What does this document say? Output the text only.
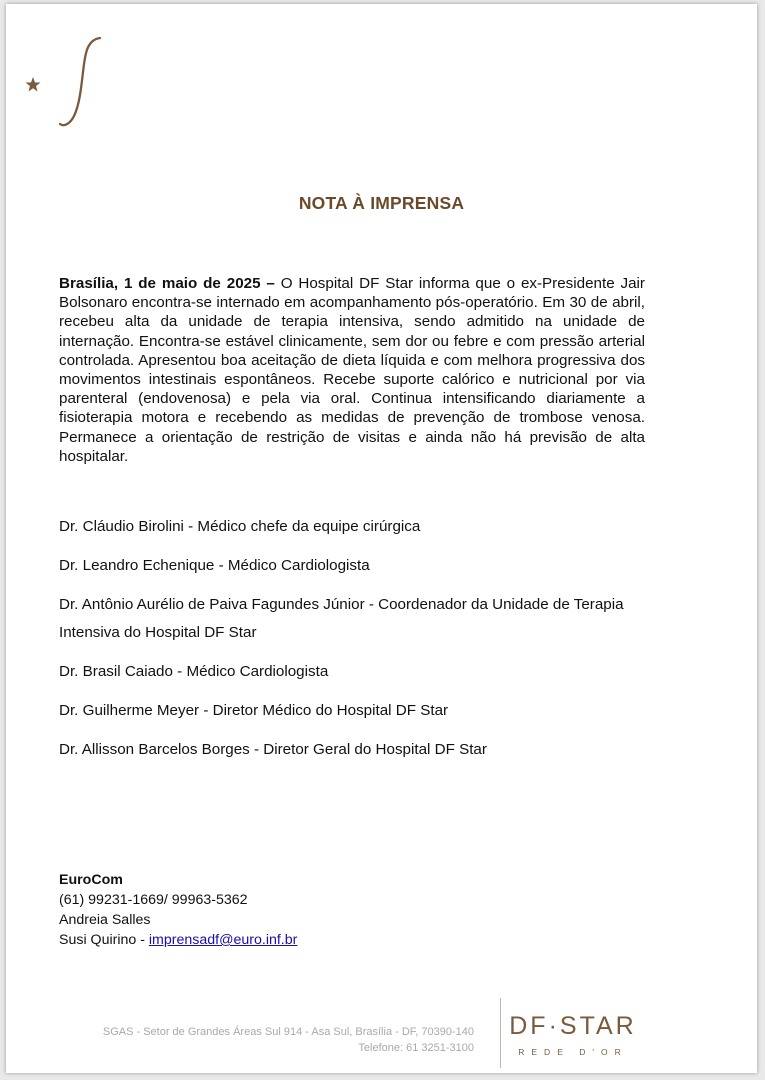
NOTA À IMPRENSA

Brasília, 1 de maio de 2025 – O Hospital DF Star informa que o ex-Presidente Jair Bolsonaro encontra-se internado em acompanhamento pós-operatório. Em 30 de abril, recebeu alta da unidade de terapia intensiva, sendo admitido na unidade de internação. Encontra-se estável clinicamente, sem dor ou febre e com pressão arterial controlada. Apresentou boa aceitação de dieta líquida e com melhora progressiva dos movimentos intestinais espontâneos. Recebe suporte calórico e nutricional por via parenteral (endovenosa) e pela via oral. Continua intensificando diariamente a fisioterapia motora e recebendo as medidas de prevenção de trombose venosa. Permanece a orientação de restrição de visitas e ainda não há previsão de alta hospitalar.

Dr. Cláudio Birolini - Médico chefe da equipe cirúrgica

Dr. Leandro Echenique - Médico Cardiologista

Dr. Antônio Aurélio de Paiva Fagundes Júnior - Coordenador da Unidade de Terapia Intensiva do Hospital DF Star

Dr. Brasil Caiado - Médico Cardiologista

Dr. Guilherme Meyer - Diretor Médico do Hospital DF Star

Dr. Allisson Barcelos Borges - Diretor Geral do Hospital DF Star

EuroCom
(61) 99231-1669/ 99963-5362
Andreia Salles
Susi Quirino - imprensadf@euro.inf.br
SGAS - Setor de Grandes Áreas Sul 914 - Asa Sul, Brasília - DF, 70390-140
Telefone: 61 3251-3100
DF·STAR
REDE D'OR
